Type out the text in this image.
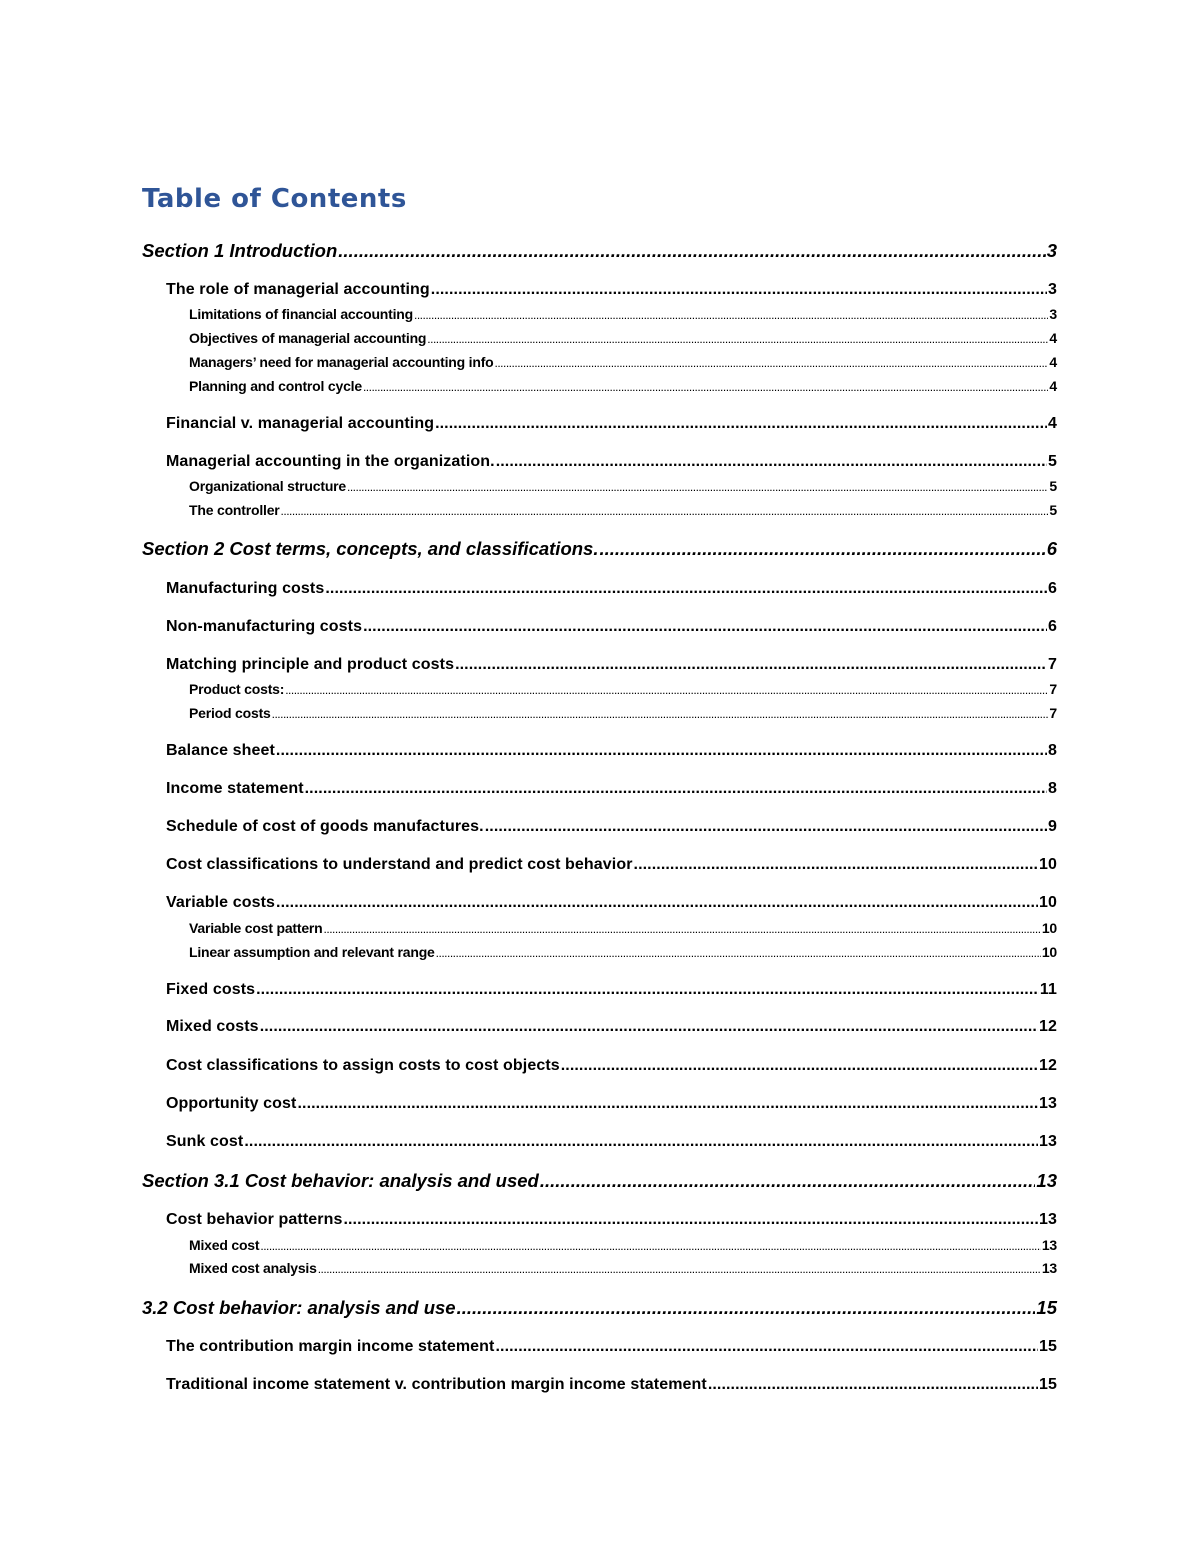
Table of Contents
Section 1 Introduction .....	3
The role of managerial accounting .....	3
Limitations of financial accounting .....	3
Objectives of managerial accounting .....	4
Managers’ need for managerial accounting info .....	4
Planning and control cycle .....	4
Financial v. managerial accounting .....	4
Managerial accounting in the organization. .....	5
Organizational structure .....	5
The controller .....	5
Section 2 Cost terms, concepts, and classifications. .....	6
Manufacturing costs .....	6
Non-manufacturing costs .....	6
Matching principle and product costs .....	7
Product costs: .....	7
Period costs .....	7
Balance sheet .....	8
Income statement .....	8
Schedule of cost of goods manufactures. .....	9
Cost classifications to understand and predict cost behavior .....	10
Variable costs .....	10
Variable cost pattern .....	10
Linear assumption and relevant range .....	10
Fixed costs .....	11
Mixed costs .....	12
Cost classifications to assign costs to cost objects .....	12
Opportunity cost .....	13
Sunk cost .....	13
Section 3.1 Cost behavior: analysis and used .....	13
Cost behavior patterns .....	13
Mixed cost .....	13
Mixed cost analysis .....	13
3.2 Cost behavior: analysis and use .....	15
The contribution margin income statement .....	15
Traditional income statement v. contribution margin income statement .....	15
